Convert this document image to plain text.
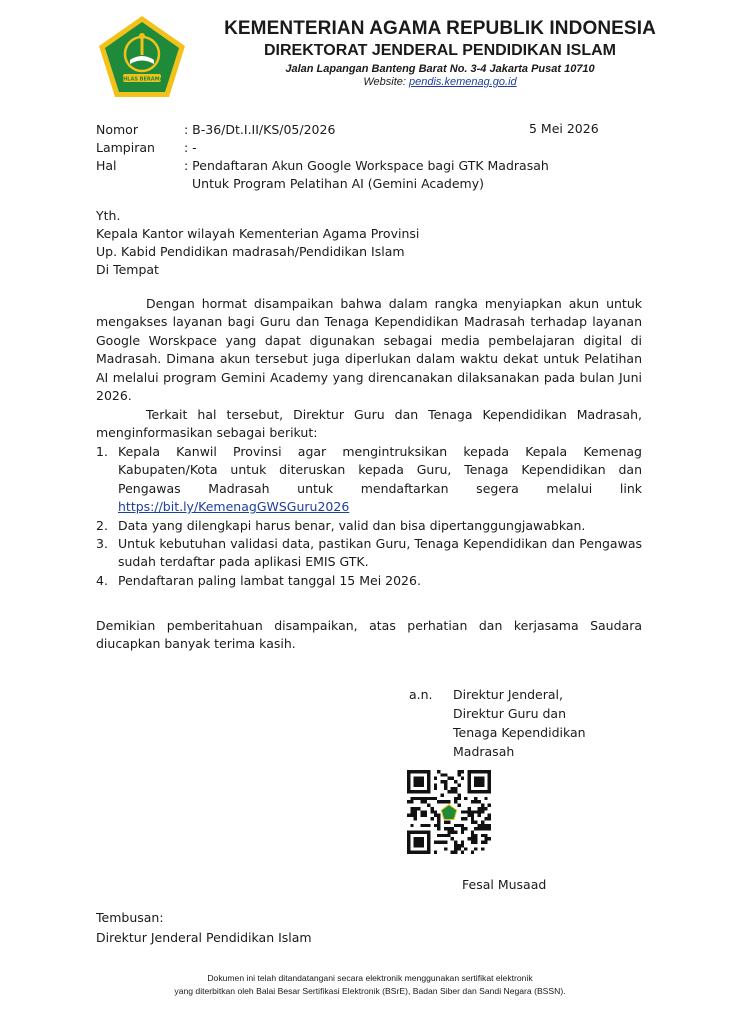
IKHLAS BERAMAL
KEMENTERIAN AGAMA REPUBLIK INDONESIA
DIREKTORAT JENDERAL PENDIDIKAN ISLAM
Jalan Lapangan Banteng Barat No. 3-4 Jakarta Pusat 10710
Website: pendis.kemenag.go.id
Nomor	: B-36/Dt.I.II/KS/05/2026	5 Mei 2026
Lampiran : -
Hal	: Pendaftaran Akun Google Workspace bagi GTK Madrasah
Untuk Program Pelatihan AI (Gemini Academy)
Yth.
Kepala Kantor wilayah Kementerian Agama Provinsi
Up. Kabid Pendidikan madrasah/Pendidikan Islam
Di Tempat
Dengan hormat disampaikan bahwa dalam rangka menyiapkan akun untuk mengakses layanan bagi Guru dan Tenaga Kependidikan Madrasah terhadap layanan Google Worskpace yang dapat digunakan sebagai media pembelajaran digital di Madrasah. Dimana akun tersebut juga diperlukan dalam waktu dekat untuk Pelatihan AI melalui program Gemini Academy yang direncanakan dilaksanakan pada bulan Juni 2026.
Terkait hal tersebut, Direktur Guru dan Tenaga Kependidikan Madrasah, menginformasikan sebagai berikut:
1. Kepala Kanwil Provinsi agar mengintruksikan kepada Kepala Kemenag Kabupaten/Kota untuk diteruskan kepada Guru, Tenaga Kependidikan dan Pengawas Madrasah untuk mendaftarkan segera melalui link https://bit.ly/KemenagGWSGuru2026
2. Data yang dilengkapi harus benar, valid dan bisa dipertanggungjawabkan.
3. Untuk kebutuhan validasi data, pastikan Guru, Tenaga Kependidikan dan Pengawas sudah terdaftar pada aplikasi EMIS GTK.
4. Pendaftaran paling lambat tanggal 15 Mei 2026.
Demikian pemberitahuan disampaikan, atas perhatian dan kerjasama Saudara diucapkan banyak terima kasih.
a.n. Direktur Jenderal,
Direktur Guru dan
Tenaga Kependidikan
Madrasah
Fesal Musaad
Tembusan:
Direktur Jenderal Pendidikan Islam
Dokumen ini telah ditandatangani secara elektronik menggunakan sertifikat elektronik
yang diterbitkan oleh Balai Besar Sertifikasi Elektronik (BSrE), Badan Siber dan Sandi Negara (BSSN).
